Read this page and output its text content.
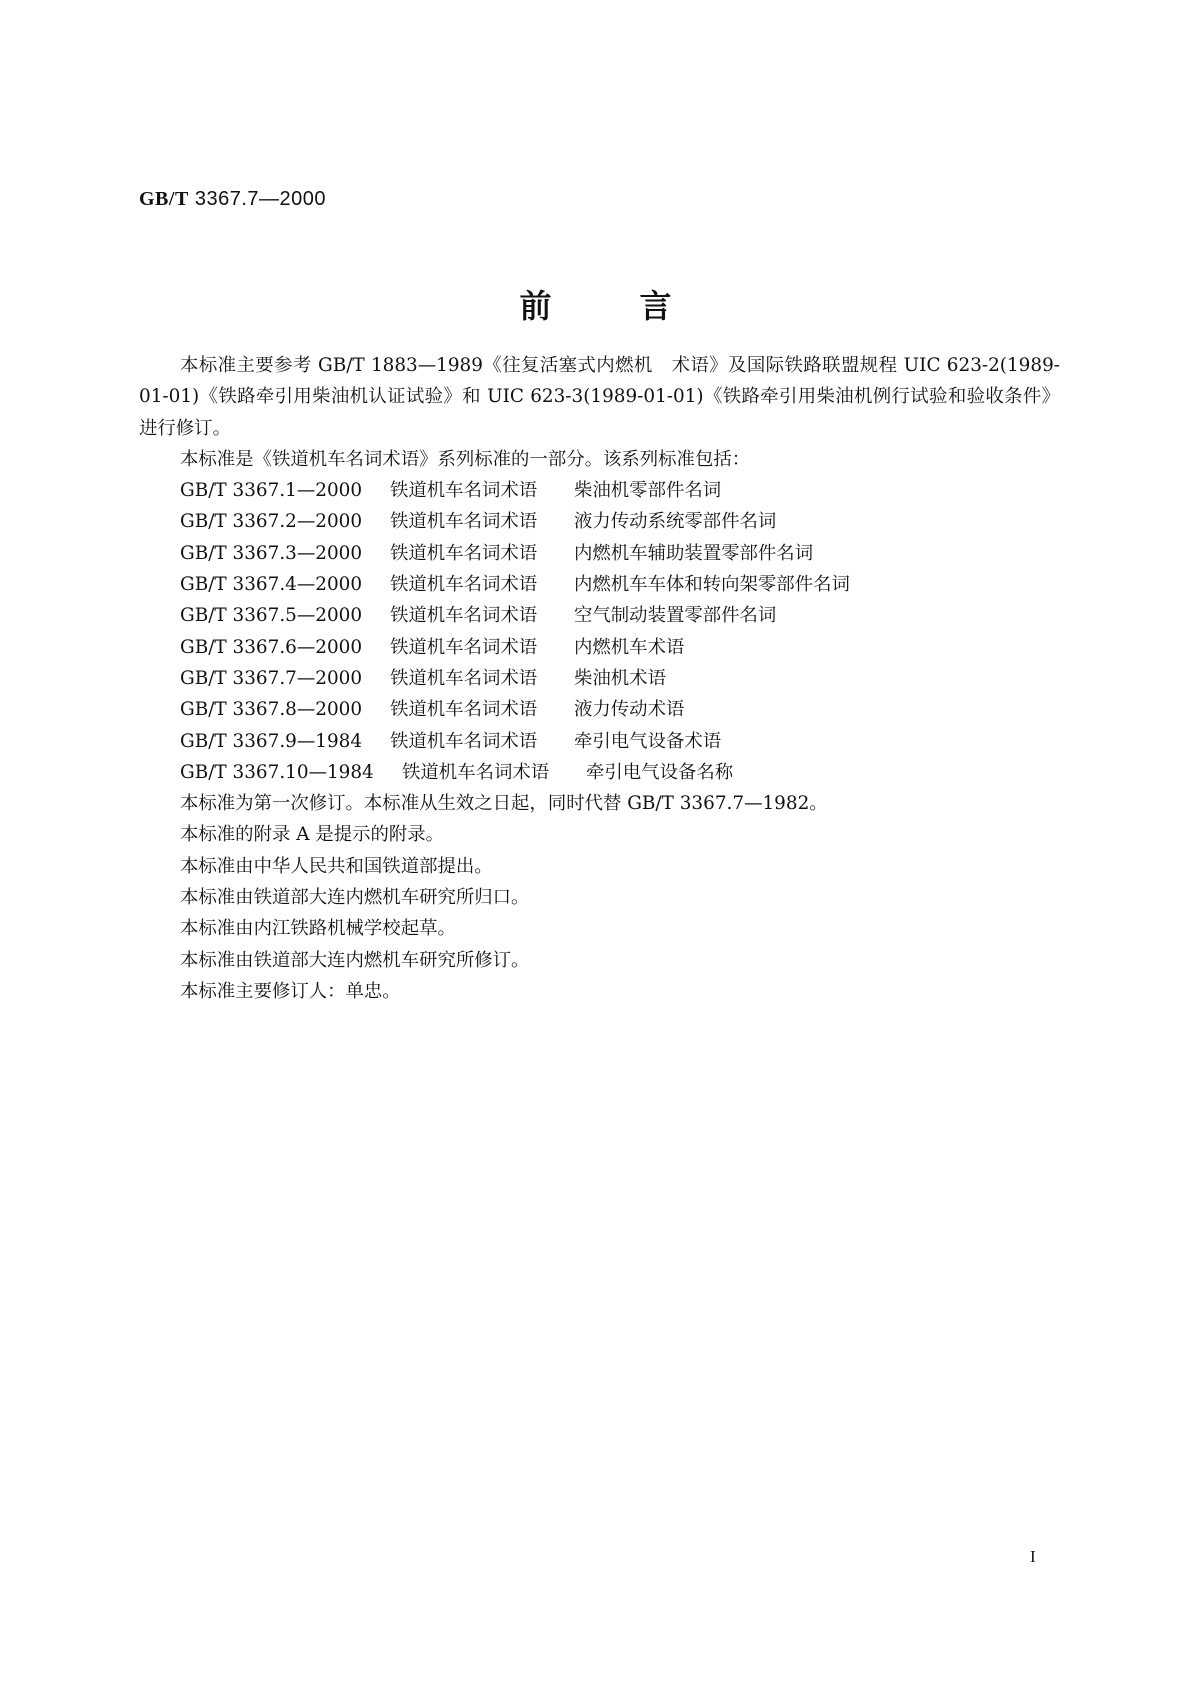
GB/T 3367.7—2000
前言

本标准主要参考 GB/T 1883—1989《往复活塞式内燃机　术语》及国际铁路联盟规程 UIC 623-2(1989-01-01)《铁路牵引用柴油机认证试验》和 UIC 623-3(1989-01-01)《铁路牵引用柴油机例行试验和验收条件》进行修订。

本标准是《铁道机车名词术语》系列标准的一部分。该系列标准包括：

GB/T 3367.1—2000 铁道机车名词术语 柴油机零部件名词

GB/T 3367.2—2000 铁道机车名词术语 液力传动系统零部件名词

GB/T 3367.3—2000 铁道机车名词术语 内燃机车辅助装置零部件名词

GB/T 3367.4—2000 铁道机车名词术语 内燃机车车体和转向架零部件名词

GB/T 3367.5—2000 铁道机车名词术语 空气制动装置零部件名词

GB/T 3367.6—2000 铁道机车名词术语 内燃机车术语

GB/T 3367.7—2000 铁道机车名词术语 柴油机术语

GB/T 3367.8—2000 铁道机车名词术语 液力传动术语

GB/T 3367.9—1984 铁道机车名词术语 牵引电气设备术语

GB/T 3367.10—1984 铁道机车名词术语 牵引电气设备名称

本标准为第一次修订。本标准从生效之日起，同时代替 GB/T 3367.7—1982。

本标准的附录 A 是提示的附录。

本标准由中华人民共和国铁道部提出。

本标准由铁道部大连内燃机车研究所归口。

本标准由内江铁路机械学校起草。

本标准由铁道部大连内燃机车研究所修订。

本标准主要修订人：单忠。

I
